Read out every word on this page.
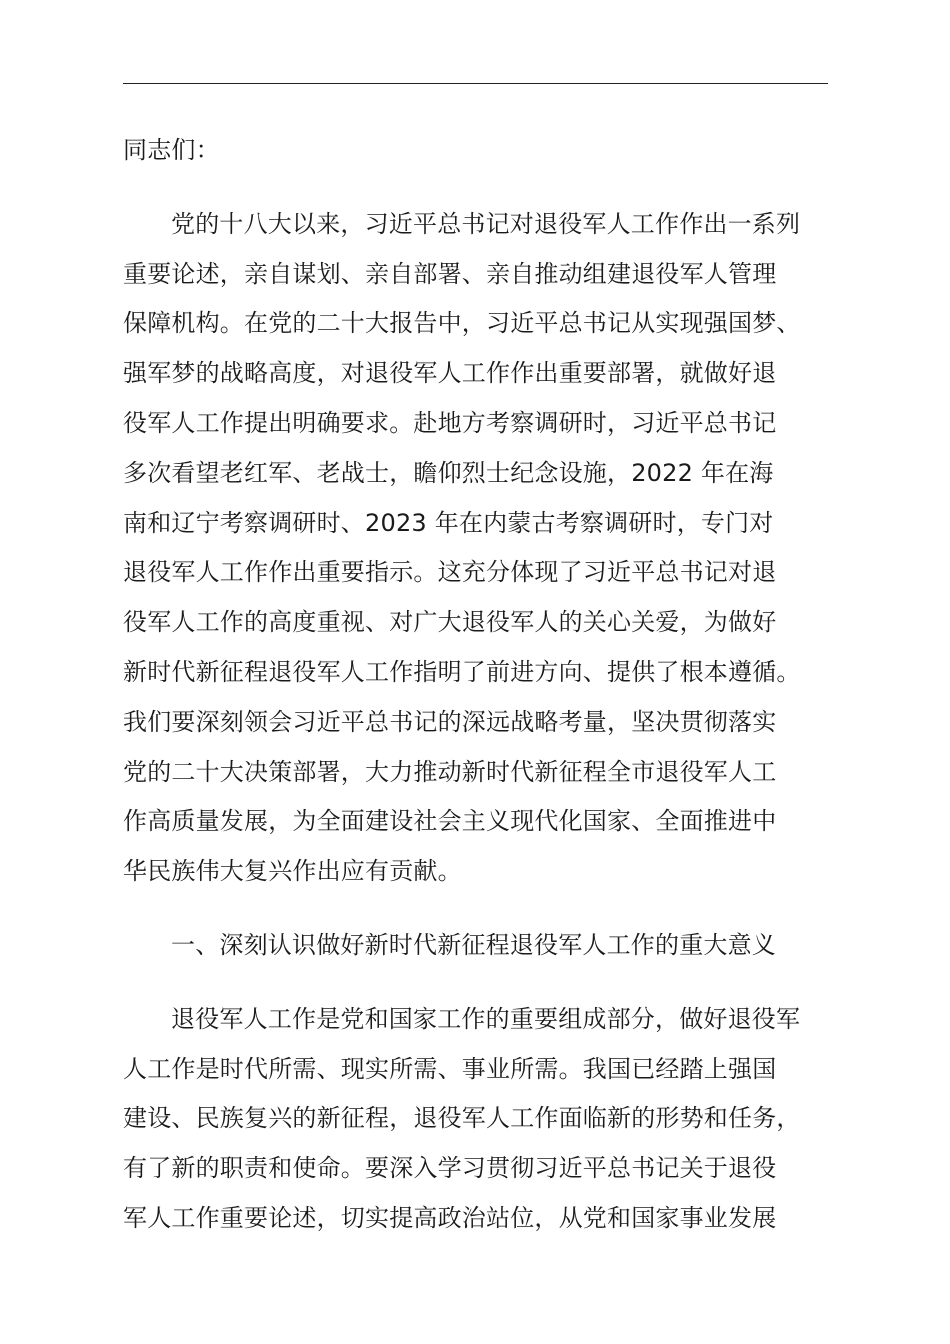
同志们：
党的十八大以来，习近平总书记对退役军人工作作出一系列
重要论述，亲自谋划、亲自部署、亲自推动组建退役军人管理
保障机构。在党的二十大报告中，习近平总书记从实现强国梦、
强军梦的战略高度，对退役军人工作作出重要部署，就做好退
役军人工作提出明确要求。赴地方考察调研时，习近平总书记
多次看望老红军、老战士，瞻仰烈士纪念设施，2022 年在海
南和辽宁考察调研时、2023 年在内蒙古考察调研时，专门对
退役军人工作作出重要指示。这充分体现了习近平总书记对退
役军人工作的高度重视、对广大退役军人的关心关爱，为做好
新时代新征程退役军人工作指明了前进方向、提供了根本遵循。
我们要深刻领会习近平总书记的深远战略考量，坚决贯彻落实
党的二十大决策部署，大力推动新时代新征程全市退役军人工
作高质量发展，为全面建设社会主义现代化国家、全面推进中
华民族伟大复兴作出应有贡献。
一、深刻认识做好新时代新征程退役军人工作的重大意义
退役军人工作是党和国家工作的重要组成部分，做好退役军
人工作是时代所需、现实所需、事业所需。我国已经踏上强国
建设、民族复兴的新征程，退役军人工作面临新的形势和任务，
有了新的职责和使命。要深入学习贯彻习近平总书记关于退役
军人工作重要论述，切实提高政治站位，从党和国家事业发展
